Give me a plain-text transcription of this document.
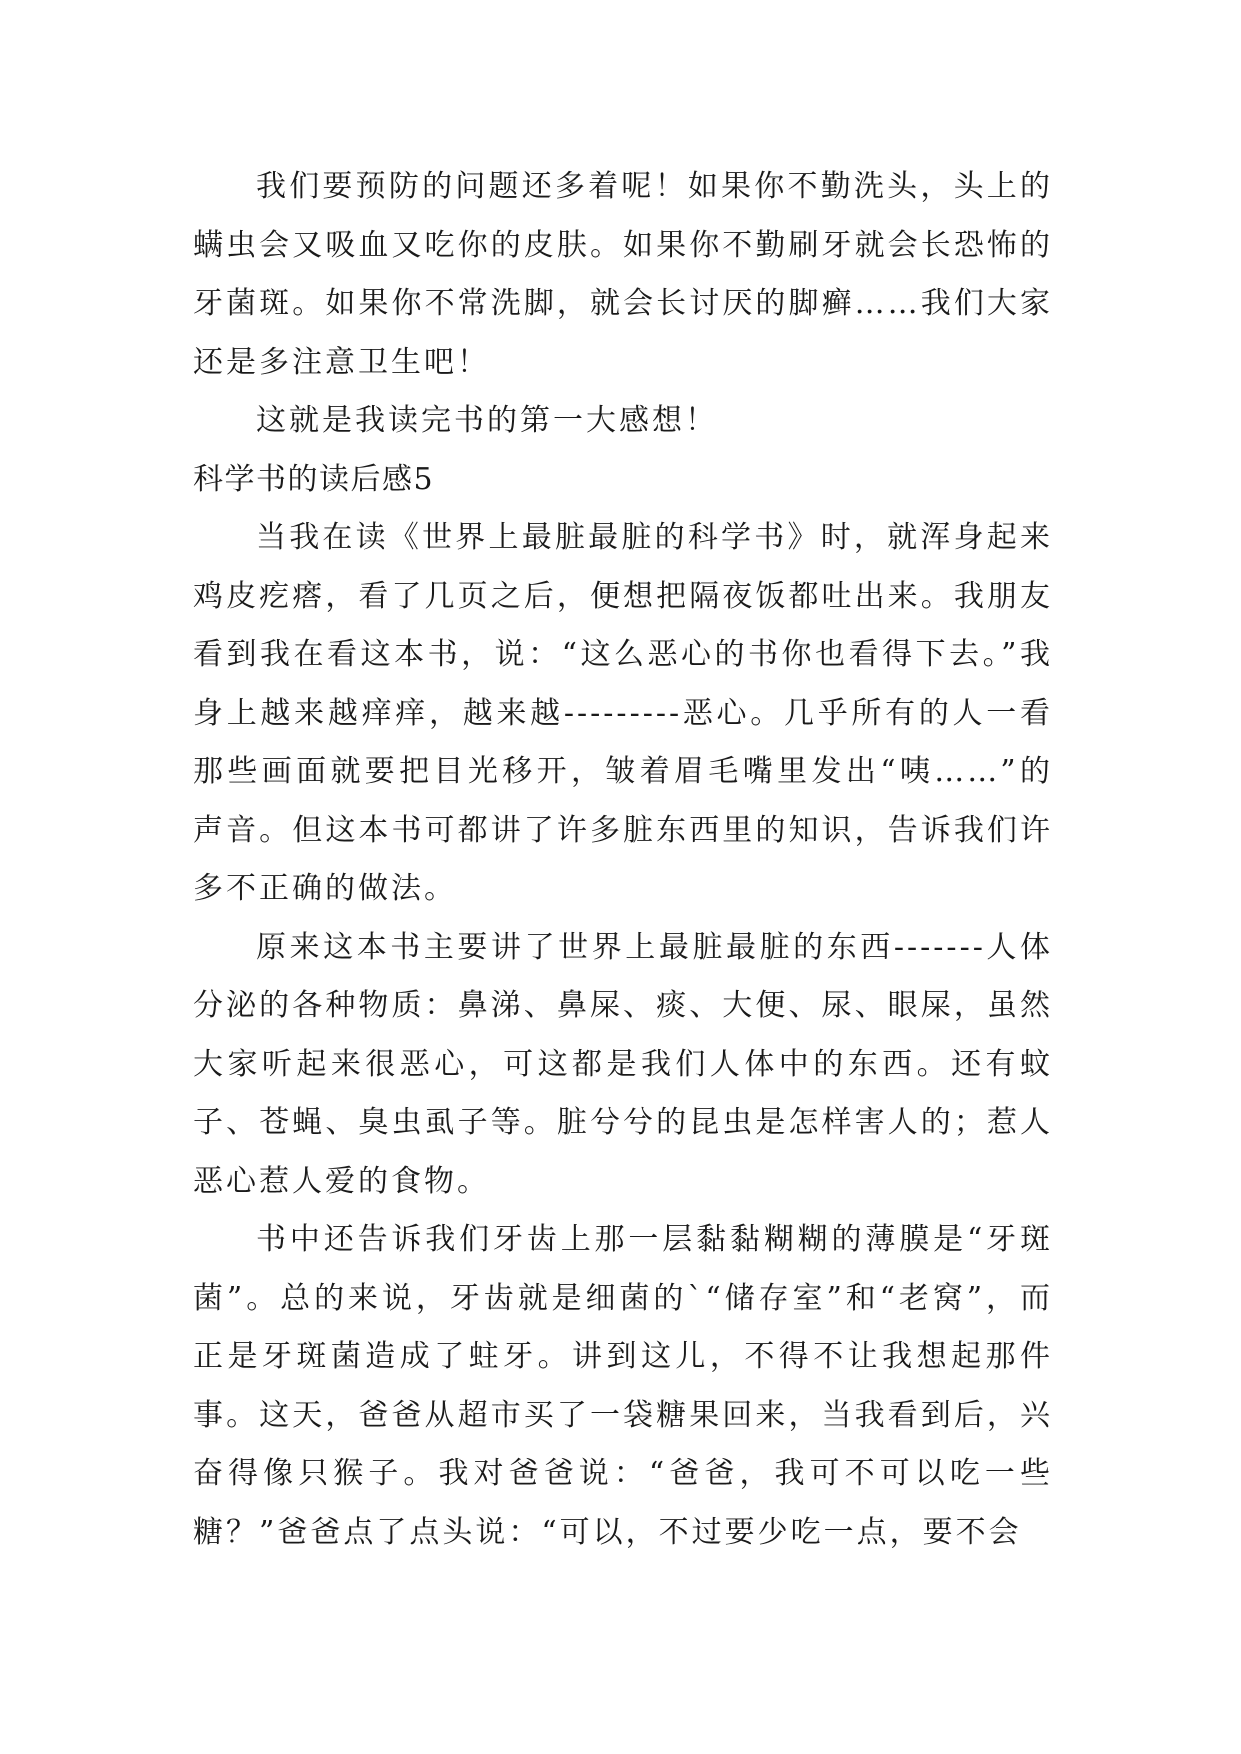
我们要预防的问题还多着呢！如果你不勤洗头，头上的螨虫会又吸血又吃你的皮肤。如果你不勤刷牙就会长恐怖的牙菌斑。如果你不常洗脚，就会长讨厌的脚癣……我们大家还是多注意卫生吧！

这就是我读完书的第一大感想！

科学书的读后感5

当我在读《世界上最脏最脏的科学书》时，就浑身起来鸡皮疙瘩，看了几页之后，便想把隔夜饭都吐出来。我朋友看到我在看这本书，说：“这么恶心的书你也看得下去。”我身上越来越痒痒，越来越---------恶心。几乎所有的人一看那些画面就要把目光移开，皱着眉毛嘴里发出“咦……”的声音。但这本书可都讲了许多脏东西里的知识，告诉我们许多不正确的做法。

原来这本书主要讲了世界上最脏最脏的东西-------人体分泌的各种物质：鼻涕、鼻屎、痰、大便、尿、眼屎，虽然大家听起来很恶心，可这都是我们人体中的东西。还有蚊子、苍蝇、臭虫虱子等。脏兮兮的昆虫是怎样害人的；惹人恶心惹人爱的食物。

书中还告诉我们牙齿上那一层黏黏糊糊的薄膜是“牙斑菌”。总的来说，牙齿就是细菌的`“储存室”和“老窝”，而正是牙斑菌造成了蛀牙。讲到这儿，不得不让我想起那件事。这天，爸爸从超市买了一袋糖果回来，当我看到后，兴奋得像只猴子。我对爸爸说：“爸爸，我可不可以吃一些糖？”爸爸点了点头说：“可以，不过要少吃一点，要不会
